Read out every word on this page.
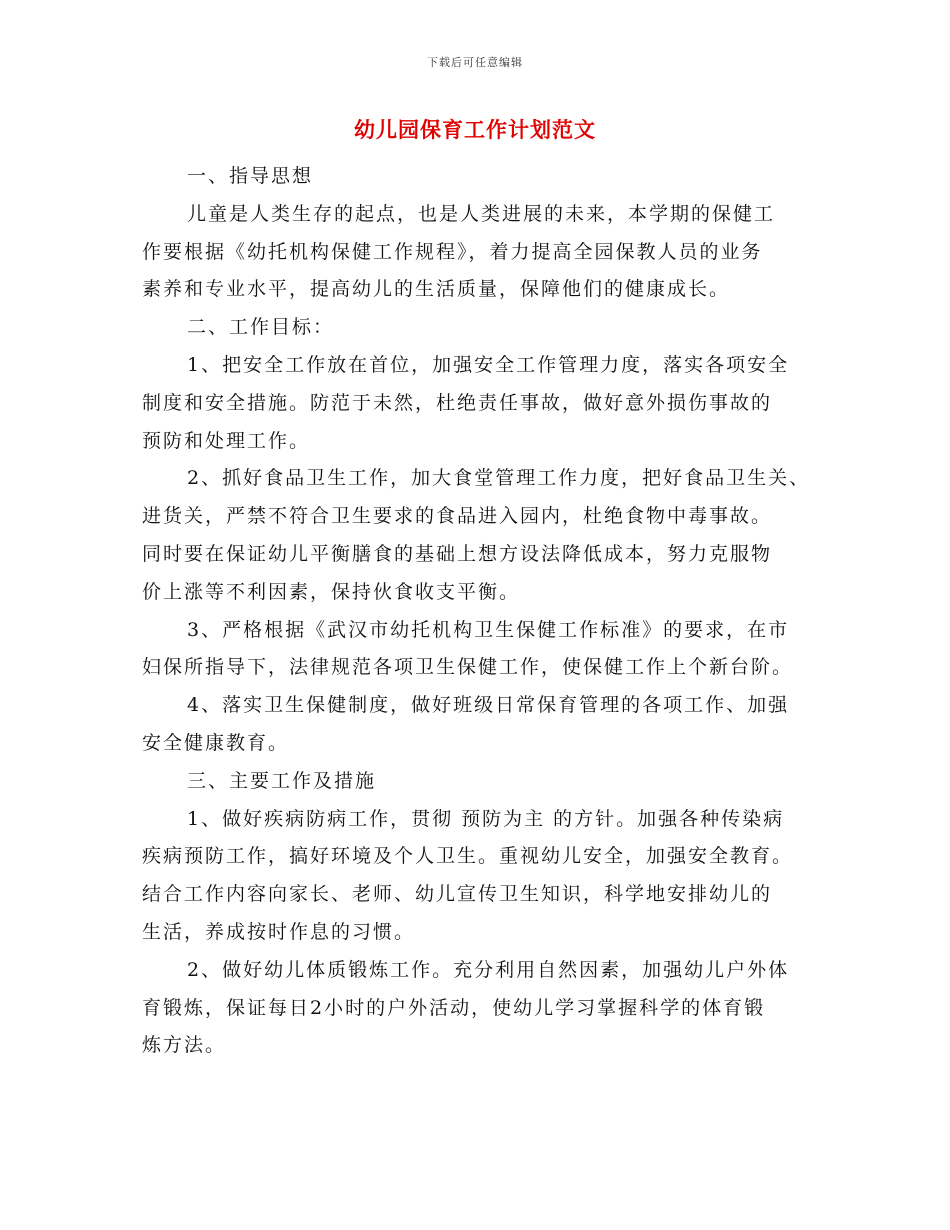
下载后可任意编辑
幼儿园保育工作计划范文
一、指导思想
儿童是人类生存的起点，也是人类进展的未来，本学期的保健工
作要根据《幼托机构保健工作规程》，着力提高全园保教人员的业务
素养和专业水平，提高幼儿的生活质量，保障他们的健康成长。
二、工作目标：
1、把安全工作放在首位，加强安全工作管理力度，落实各项安全
制度和安全措施。防范于未然，杜绝责任事故，做好意外损伤事故的
预防和处理工作。
2、抓好食品卫生工作，加大食堂管理工作力度，把好食品卫生关、
进货关，严禁不符合卫生要求的食品进入园内，杜绝食物中毒事故。
同时要在保证幼儿平衡膳食的基础上想方设法降低成本，努力克服物
价上涨等不利因素，保持伙食收支平衡。
3、严格根据《武汉市幼托机构卫生保健工作标准》的要求，在市
妇保所指导下，法律规范各项卫生保健工作，使保健工作上个新台阶。
4、落实卫生保健制度，做好班级日常保育管理的各项工作、加强
安全健康教育。
三、主要工作及措施
1、做好疾病防病工作，贯彻 预防为主 的方针。加强各种传染病
疾病预防工作，搞好环境及个人卫生。重视幼儿安全，加强安全教育。
结合工作内容向家长、老师、幼儿宣传卫生知识，科学地安排幼儿的
生活，养成按时作息的习惯。
2、做好幼儿体质锻炼工作。充分利用自然因素，加强幼儿户外体
育锻炼，保证每日2小时的户外活动，使幼儿学习掌握科学的体育锻
炼方法。
